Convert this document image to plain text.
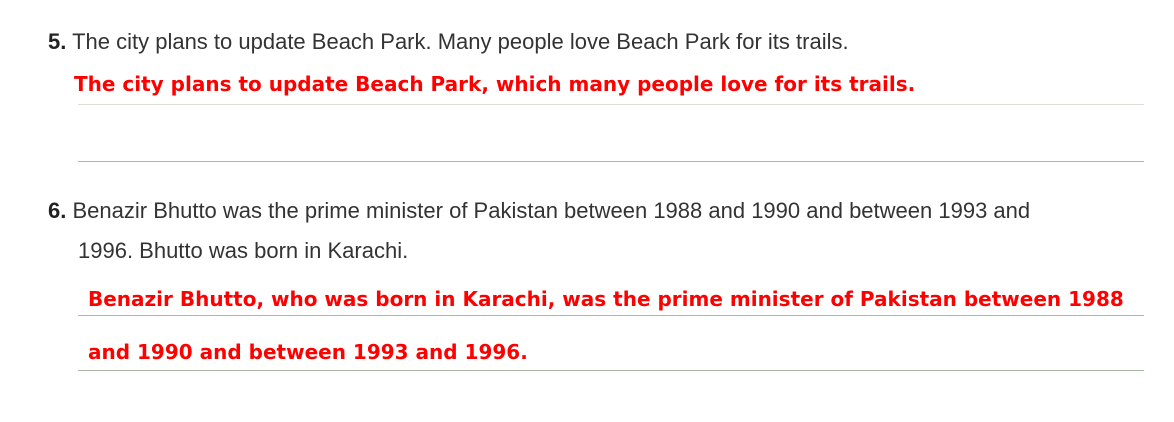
5. The city plans to update Beach Park. Many people love Beach Park for its trails.
The city plans to update Beach Park, which many people love for its trails.
6. Benazir Bhutto was the prime minister of Pakistan between 1988 and 1990 and between 1993 and
1996. Bhutto was born in Karachi.
Benazir Bhutto, who was born in Karachi, was the prime minister of Pakistan between 1988
and 1990 and between 1993 and 1996.
